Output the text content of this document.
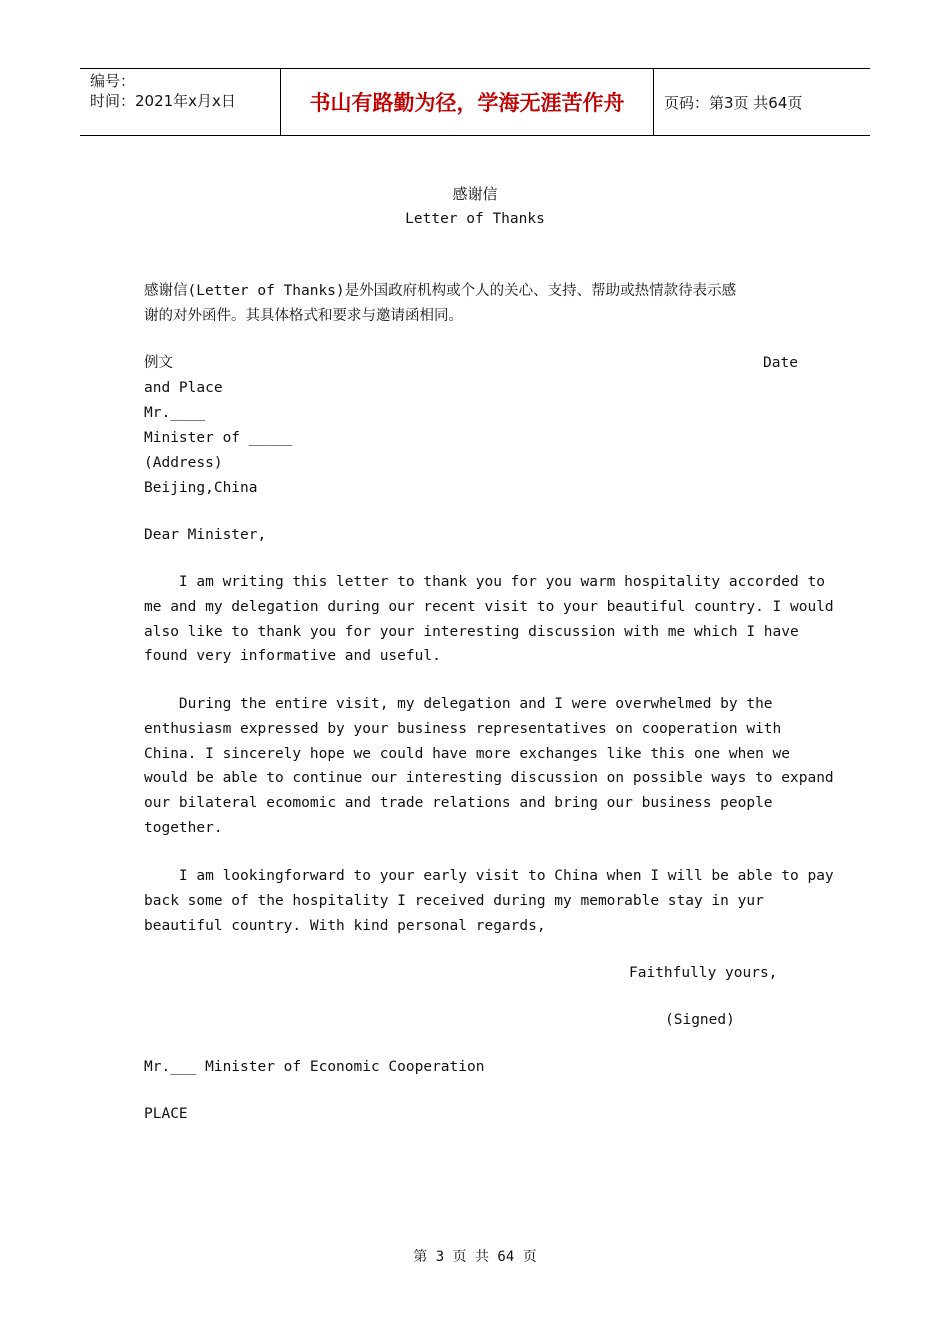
编号：
时间：2021年x月x日	书山有路勤为径，学海无涯苦作舟	页码：第3页 共64页
感谢信
Letter of Thanks
感谢信(Letter of Thanks)是外国政府机构或个人的关心、支持、帮助或热情款待表示感
谢的对外函件。其具体格式和要求与邀请函相同。
例文	Date
and Place
Mr.____
Minister of _____
(Address)
Beijing,China
Dear Minister,
I am writing this letter to thank you for you warm hospitality accorded to
me and my delegation during our recent visit to your beautiful country. I would
also like to thank you for your interesting discussion with me which I have
found very informative and useful.
During the entire visit, my delegation and I were overwhelmed by the
enthusiasm expressed by your business representatives on cooperation with
China. I sincerely hope we could have more exchanges like this one when we
would be able to continue our interesting discussion on possible ways to expand
our bilateral ecomomic and trade relations and bring our business people
together.
I am lookingforward to your early visit to China when I will be able to pay
back some of the hospitality I received during my memorable stay in yur
beautiful country. With kind personal regards,
Faithfully yours,
(Signed)
Mr.___ Minister of Economic Cooperation
PLACE
第 3 页 共 64 页
